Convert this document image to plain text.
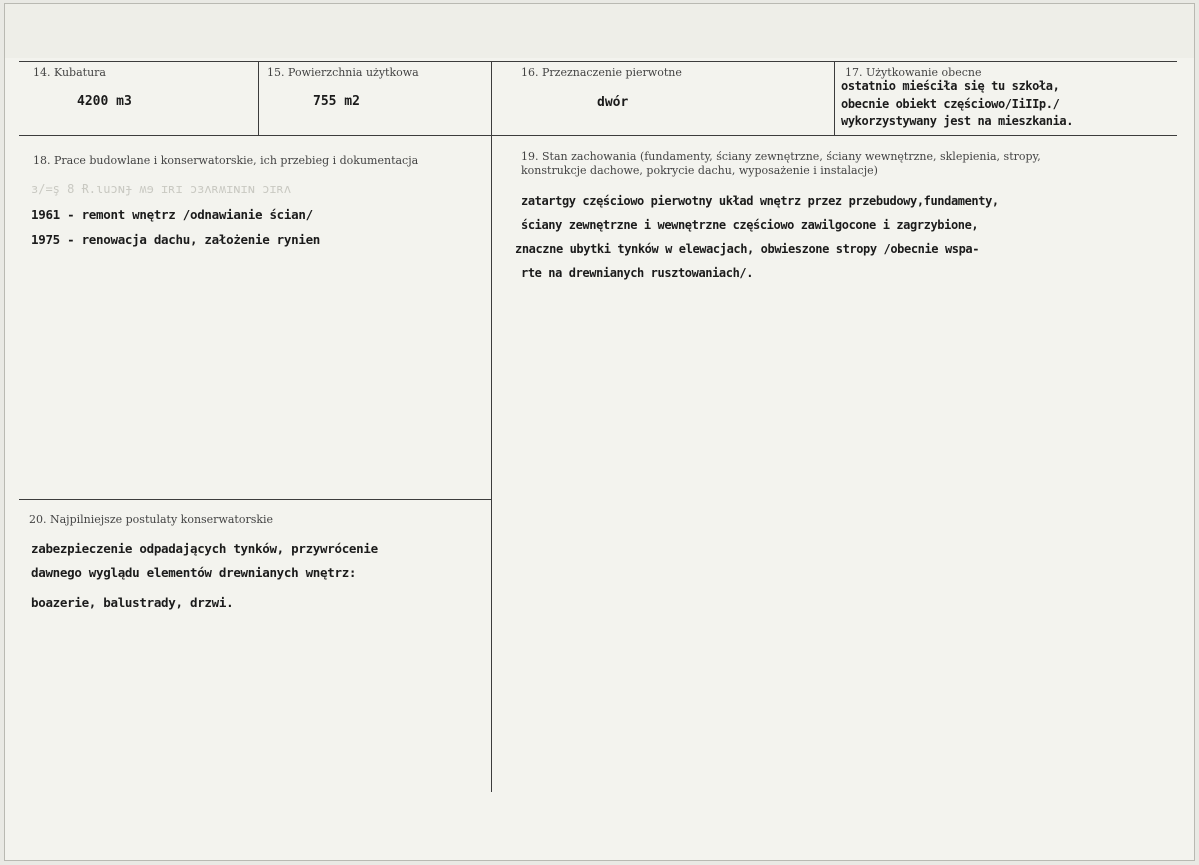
14. Kubatura
4200 m3
15. Powierzchnia użytkowa
755 m2
16. Przeznaczenie pierwotne
dwór
17. Użytkowanie obecne
ostatnio mieściła się tu szkoła,
obecnie obiekt częściowo/IiIIp./
wykorzystywany jest na mieszkania.
18. Prace budowlane i konserwatorskie, ich przebieg i dokumentacja
з/=ş 8 Ɍ.ɩuɔɴɟ ʍɘ ɪʀɪ ɔɜʌʀʍɪɴɪɴ ɔɪʀʌ
1961 - remont wnętrz /odnawianie ścian/
1975 - renowacja dachu, założenie rynien
19. Stan zachowania (fundamenty, ściany zewnętrzne, ściany wewnętrzne, sklepienia, stropy,
konstrukcje dachowe, pokrycie dachu, wyposażenie i instalacje)
zatartgy częściowo pierwotny układ wnętrz przez przebudowy,fundamenty,
ściany zewnętrzne i wewnętrzne częściowo zawilgocone i zagrzybione,
znaczne ubytki tynków w elewacjach, obwieszone stropy /obecnie wspa-
rte na drewnianych rusztowaniach/.
20. Najpilniejsze postulaty konserwatorskie
zabezpieczenie odpadających tynków, przywrócenie
dawnego wyglądu elementów drewnianych wnętrz:
boazerie, balustrady, drzwi.
